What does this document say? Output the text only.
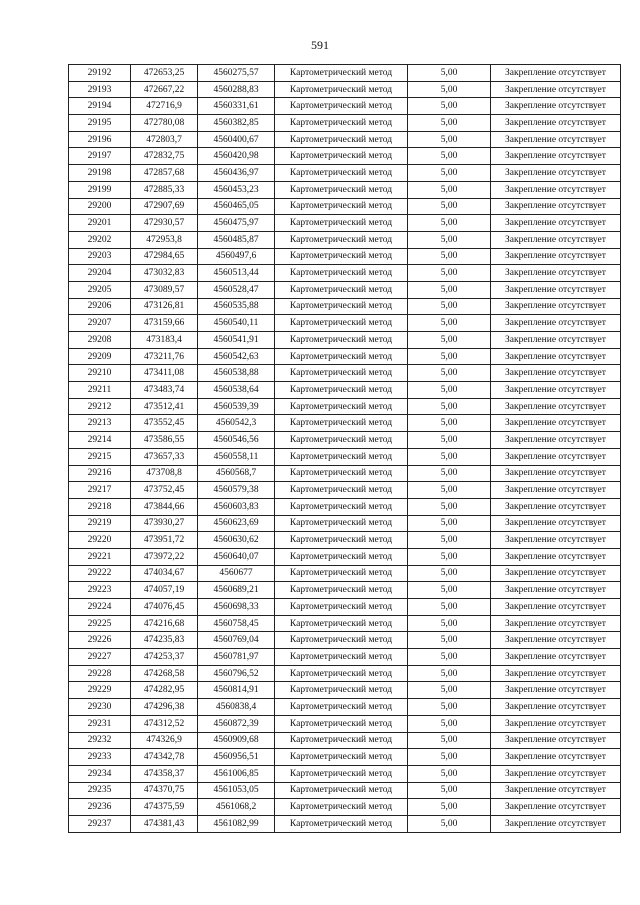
591
29192	472653,25	4560275,57	Картометрический метод	5,00	Закрепление отсутствует
29193	472667,22	4560288,83	Картометрический метод	5,00	Закрепление отсутствует
29194	472716,9	4560331,61	Картометрический метод	5,00	Закрепление отсутствует
29195	472780,08	4560382,85	Картометрический метод	5,00	Закрепление отсутствует
29196	472803,7	4560400,67	Картометрический метод	5,00	Закрепление отсутствует
29197	472832,75	4560420,98	Картометрический метод	5,00	Закрепление отсутствует
29198	472857,68	4560436,97	Картометрический метод	5,00	Закрепление отсутствует
29199	472885,33	4560453,23	Картометрический метод	5,00	Закрепление отсутствует
29200	472907,69	4560465,05	Картометрический метод	5,00	Закрепление отсутствует
29201	472930,57	4560475,97	Картометрический метод	5,00	Закрепление отсутствует
29202	472953,8	4560485,87	Картометрический метод	5,00	Закрепление отсутствует
29203	472984,65	4560497,6	Картометрический метод	5,00	Закрепление отсутствует
29204	473032,83	4560513,44	Картометрический метод	5,00	Закрепление отсутствует
29205	473089,57	4560528,47	Картометрический метод	5,00	Закрепление отсутствует
29206	473126,81	4560535,88	Картометрический метод	5,00	Закрепление отсутствует
29207	473159,66	4560540,11	Картометрический метод	5,00	Закрепление отсутствует
29208	473183,4	4560541,91	Картометрический метод	5,00	Закрепление отсутствует
29209	473211,76	4560542,63	Картометрический метод	5,00	Закрепление отсутствует
29210	473411,08	4560538,88	Картометрический метод	5,00	Закрепление отсутствует
29211	473483,74	4560538,64	Картометрический метод	5,00	Закрепление отсутствует
29212	473512,41	4560539,39	Картометрический метод	5,00	Закрепление отсутствует
29213	473552,45	4560542,3	Картометрический метод	5,00	Закрепление отсутствует
29214	473586,55	4560546,56	Картометрический метод	5,00	Закрепление отсутствует
29215	473657,33	4560558,11	Картометрический метод	5,00	Закрепление отсутствует
29216	473708,8	4560568,7	Картометрический метод	5,00	Закрепление отсутствует
29217	473752,45	4560579,38	Картометрический метод	5,00	Закрепление отсутствует
29218	473844,66	4560603,83	Картометрический метод	5,00	Закрепление отсутствует
29219	473930,27	4560623,69	Картометрический метод	5,00	Закрепление отсутствует
29220	473951,72	4560630,62	Картометрический метод	5,00	Закрепление отсутствует
29221	473972,22	4560640,07	Картометрический метод	5,00	Закрепление отсутствует
29222	474034,67	4560677	Картометрический метод	5,00	Закрепление отсутствует
29223	474057,19	4560689,21	Картометрический метод	5,00	Закрепление отсутствует
29224	474076,45	4560698,33	Картометрический метод	5,00	Закрепление отсутствует
29225	474216,68	4560758,45	Картометрический метод	5,00	Закрепление отсутствует
29226	474235,83	4560769,04	Картометрический метод	5,00	Закрепление отсутствует
29227	474253,37	4560781,97	Картометрический метод	5,00	Закрепление отсутствует
29228	474268,58	4560796,52	Картометрический метод	5,00	Закрепление отсутствует
29229	474282,95	4560814,91	Картометрический метод	5,00	Закрепление отсутствует
29230	474296,38	4560838,4	Картометрический метод	5,00	Закрепление отсутствует
29231	474312,52	4560872,39	Картометрический метод	5,00	Закрепление отсутствует
29232	474326,9	4560909,68	Картометрический метод	5,00	Закрепление отсутствует
29233	474342,78	4560956,51	Картометрический метод	5,00	Закрепление отсутствует
29234	474358,37	4561006,85	Картометрический метод	5,00	Закрепление отсутствует
29235	474370,75	4561053,05	Картометрический метод	5,00	Закрепление отсутствует
29236	474375,59	4561068,2	Картометрический метод	5,00	Закрепление отсутствует
29237	474381,43	4561082,99	Картометрический метод	5,00	Закрепление отсутствует
